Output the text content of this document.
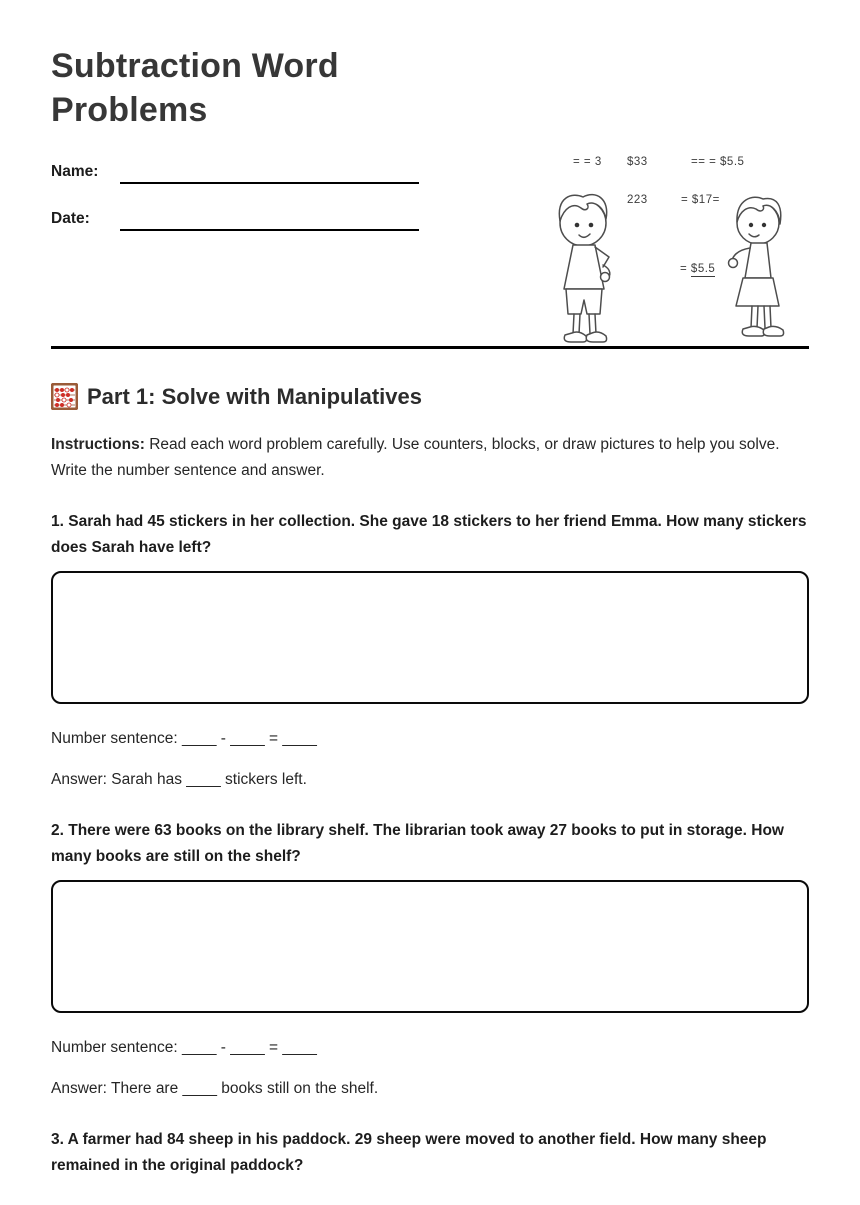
Subtraction Word Problems
Name:
Date:
= = 3 $33	== = $5.5
223	= $17=
= $5.5
Part 1: Solve with Manipulatives

Instructions: Read each word problem carefully. Use counters, blocks, or draw pictures to help you solve. Write the number sentence and answer.

1. Sarah had 45 stickers in her collection. She gave 18 stickers to her friend Emma. How many stickers does Sarah have left?

Number sentence: ____ - ____ = ____

Answer: Sarah has ____ stickers left.

2. There were 63 books on the library shelf. The librarian took away 27 books to put in storage. How many books are still on the shelf?

Number sentence: ____ - ____ = ____

Answer: There are ____ books still on the shelf.

3. A farmer had 84 sheep in his paddock. 29 sheep were moved to another field. How many sheep remained in the original paddock?
